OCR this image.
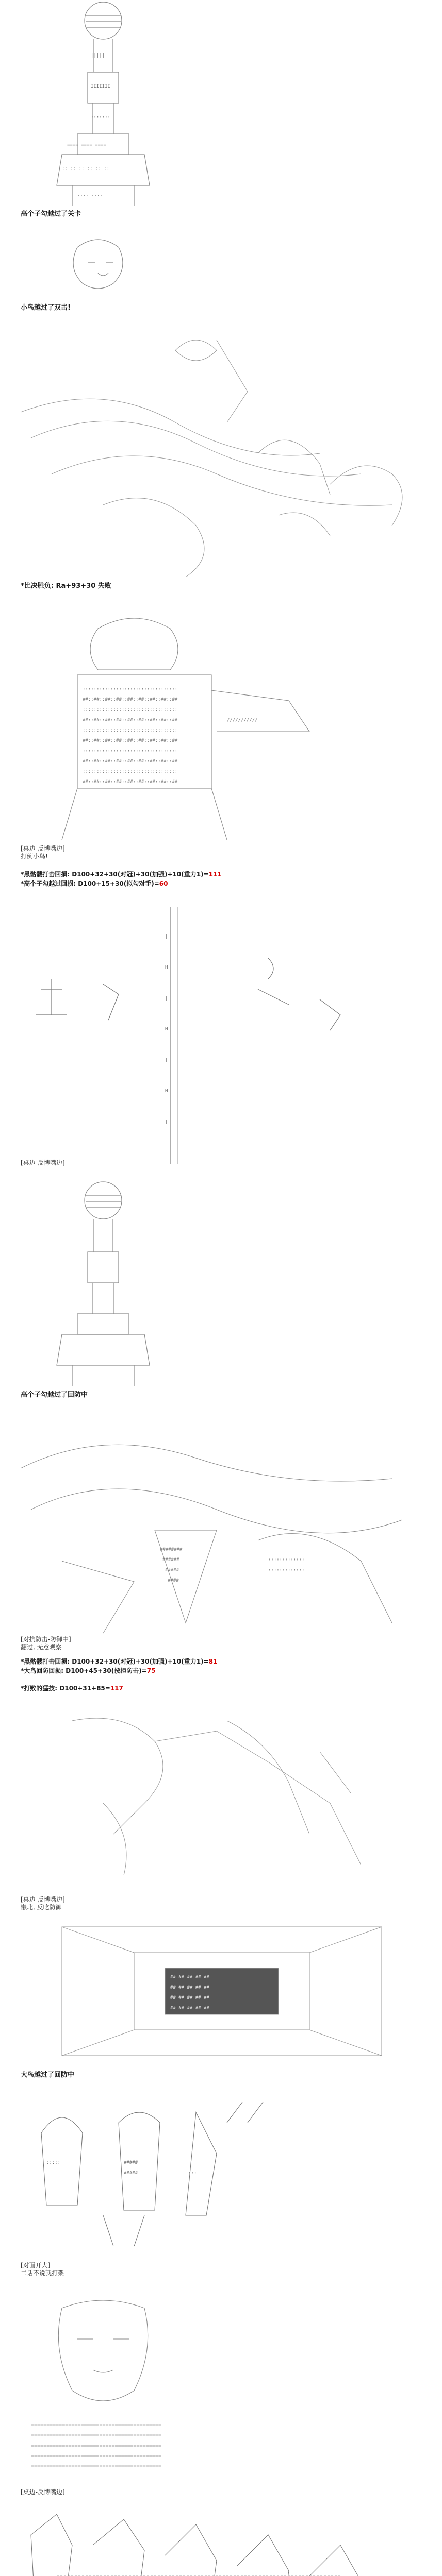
|||||
IIIIIII
:::::::
==== ==== ====
:: :: :: :: :: ::
'''' ''''
高个子勾越过了关卡
小鸟越过了双击!
*比决胜负: Ra+93+30 失败
::::::::::::::::::::::::::::::::::
##::##::##::##::##::##::##::##::##
::::::::::::::::::::::::::::::::::
##::##::##::##::##::##::##::##::##
::::::::::::::::::::::::::::::::::
##::##::##::##::##::##::##::##::##
::::::::::::::::::::::::::::::::::
##::##::##::##::##::##::##::##::##
::::::::::::::::::::::::::::::::::
##::##::##::##::##::##::##::##::##
///////////
[桌边-反博嘴边]
打倒小鸟!
*黑骷髅打击回损: D100+32+30(对冠)+30(加强)+10(重力1)=111
*高个子勾越过回损: D100+15+30(拟勾对手)=60
|
H
|
H
|
H
|
[桌边-反博嘴边]
高个子勾越过了回防中
########
######
#####
####
:::::::::::::
:::::::::::::
[对抗防击-防御中]
翻过, 无意观察
*黑骷髅打击回损: D100+32+30(对冠)+30(加强)+10(重力1)=81
*大鸟回防回损: D100+45+30(按拒防击)=75
*打败的猛技: D100+31+85=117
[桌边-反博嘴边]
懒北, 反吃防御
## ## ## ## ##
## ## ## ## ##
## ## ## ## ##
## ## ## ## ##
大鸟越过了回防中
:::::	#####
#####	:::
[对面开大]
二话不说就打架
==========================================
==========================================
==========================================
==========================================
==========================================
[桌边-反博嘴边]
